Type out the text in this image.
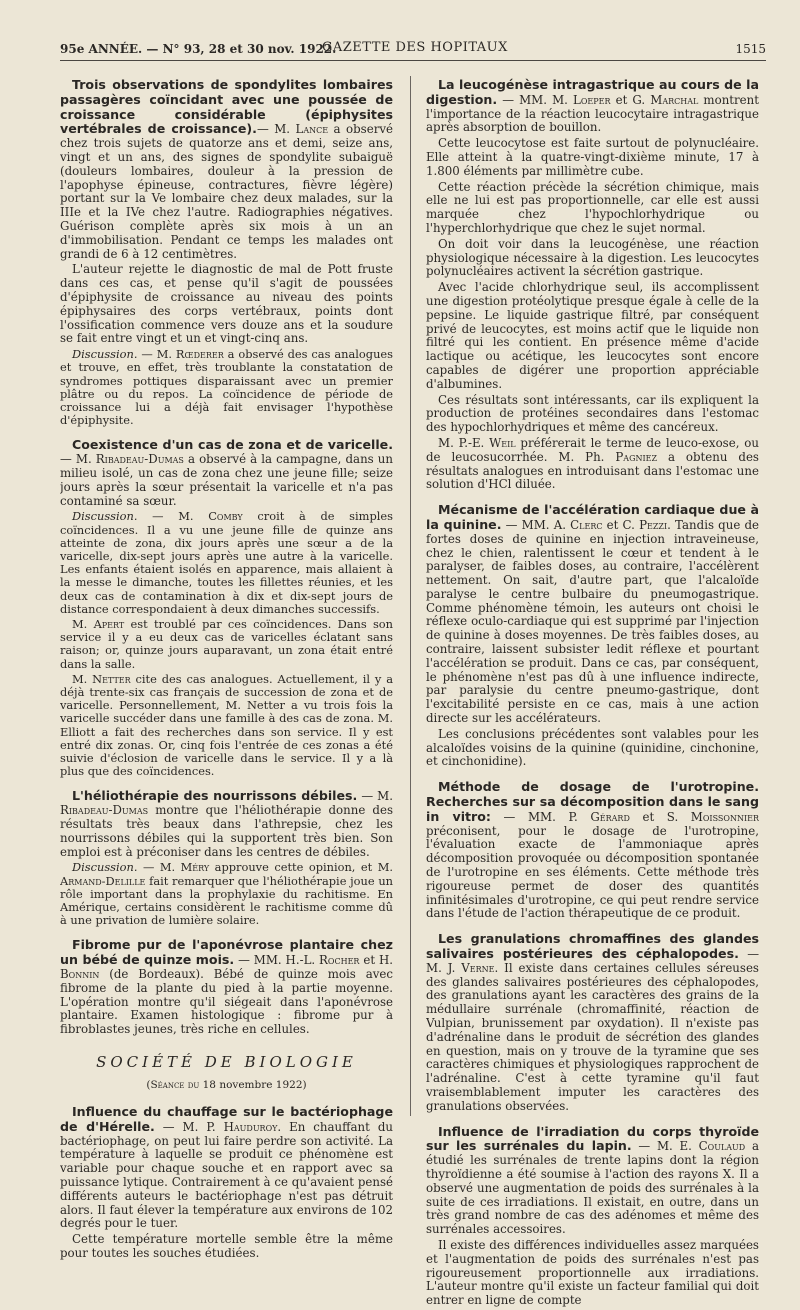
95e ANNÉE. — N° 93, 28 et 30 nov. 1922.
GAZETTE DES HOPITAUX	1515

Trois observations de spondylites lombaires passagères coïncidant avec une poussée de croissance considérable (épiphysites vertébrales de croissance).— M. Lance a observé chez trois sujets de quatorze ans et demi, seize ans, vingt et un ans, des signes de spondylite subaiguë (douleurs lombaires, douleur à la pression de l'apophyse épineuse, contractures, fièvre légère) portant sur la Ve lombaire chez deux malades, sur la IIIe et la IVe chez l'autre. Radiographies négatives. Guérison complète après six mois à un an d'immobilisation. Pendant ce temps les malades ont grandi de 6 à 12 centimètres.

L'auteur rejette le diagnostic de mal de Pott fruste dans ces cas, et pense qu'il s'agit de poussées d'épiphysite de croissance au niveau des points épiphysaires des corps vertébraux, points dont l'ossification commence vers douze ans et la soudure se fait entre vingt et un et vingt-cinq ans.

Discussion. — M. Rœderer a observé des cas analogues et trouve, en effet, très troublante la constatation de syndromes pottiques disparaissant avec un premier plâtre ou du repos. La coïncidence de période de croissance lui a déjà fait envisager l'hypothèse d'épiphysite.

Coexistence d'un cas de zona et de varicelle. — M. Ribadeau-Dumas a observé à la campagne, dans un milieu isolé, un cas de zona chez une jeune fille; seize jours après la sœur présentait la varicelle et n'a pas contaminé sa sœur.

Discussion. — M. Comby croit à de simples coïncidences. Il a vu une jeune fille de quinze ans atteinte de zona, dix jours après une sœur a de la varicelle, dix-sept jours après une autre à la varicelle. Les enfants étaient isolés en apparence, mais allaient à la messe le dimanche, toutes les fillettes réunies, et les deux cas de contamination à dix et dix-sept jours de distance correspondaient à deux dimanches successifs.

M. Apert est troublé par ces coïncidences. Dans son service il y a eu deux cas de varicelles éclatant sans raison; or, quinze jours auparavant, un zona était entré dans la salle.

M. Netter cite des cas analogues. Actuellement, il y a déjà trente-six cas français de succession de zona et de varicelle. Personnellement, M. Netter a vu trois fois la varicelle succéder dans une famille à des cas de zona. M. Elliott a fait des recherches dans son service. Il y est entré dix zonas. Or, cinq fois l'entrée de ces zonas a été suivie d'éclosion de varicelle dans le service. Il y a là plus que des coïncidences.

L'héliothérapie des nourrissons débiles. — M. Ribadeau-Dumas montre que l'héliothérapie donne des résultats très beaux dans l'athrepsie, chez les nourrissons débiles qui la supportent très bien. Son emploi est à préconiser dans les centres de débiles.

Discussion. — M. Méry approuve cette opinion, et M. Armand-Delille fait remarquer que l'héliothérapie joue un rôle important dans la prophylaxie du rachitisme. En Amérique, certains considèrent le rachitisme comme dû à une privation de lumière solaire.

Fibrome pur de l'aponévrose plantaire chez un bébé de quinze mois. — MM. H.-L. Rocher et H. Bonnin (de Bordeaux). Bébé de quinze mois avec fibrome de la plante du pied à la partie moyenne. L'opération montre qu'il siégeait dans l'aponévrose plantaire. Examen histologique : fibrome pur à fibroblastes jeunes, très riche en cellules.

SOCIÉTÉ DE BIOLOGIE
(Séance du 18 novembre 1922)

Influence du chauffage sur le bactériophage de d'Hérelle. — M. P. Hauduroy. En chauffant du bactériophage, on peut lui faire perdre son activité. La température à laquelle se produit ce phénomène est variable pour chaque souche et en rapport avec sa puissance lytique. Contrairement à ce qu'avaient pensé différents auteurs le bactériophage n'est pas détruit alors. Il faut élever la température aux environs de 102 degrés pour le tuer.

Cette température mortelle semble être la même pour toutes les souches étudiées.

La leucogénèse intragastrique au cours de la digestion. — MM. M. Loeper et G. Marchal montrent l'importance de la réaction leucocytaire intragastrique après absorption de bouillon.

Cette leucocytose est faite surtout de polynucléaire. Elle atteint à la quatre-vingt-dixième minute, 17 à 1.800 éléments par millimètre cube.

Cette réaction précède la sécrétion chimique, mais elle ne lui est pas proportionnelle, car elle est aussi marquée chez l'hypochlorhydrique ou l'hyperchlorhydrique que chez le sujet normal.

On doit voir dans la leucogénèse, une réaction physiologique nécessaire à la digestion. Les leucocytes polynucléaires activent la sécrétion gastrique.

Avec l'acide chlorhydrique seul, ils accomplissent une digestion protéolytique presque égale à celle de la pepsine. Le liquide gastrique filtré, par conséquent privé de leucocytes, est moins actif que le liquide non filtré qui les contient. En présence même d'acide lactique ou acétique, les leucocytes sont encore capables de digérer une proportion appréciable d'albumines.

Ces résultats sont intéressants, car ils expliquent la production de protéines secondaires dans l'estomac des hypochlorhydriques et même des cancéreux.

M. P.-E. Weil préférerait le terme de leuco-exose, ou de leucosucorrhée. M. Ph. Pagniez a obtenu des résultats analogues en introduisant dans l'estomac une solution d'HCl diluée.

Mécanisme de l'accélération cardiaque due à la quinine. — MM. A. Clerc et C. Pezzi. Tandis que de fortes doses de quinine en injection intraveineuse, chez le chien, ralentissent le cœur et tendent à le paralyser, de faibles doses, au contraire, l'accélèrent nettement. On sait, d'autre part, que l'alcaloïde paralyse le centre bulbaire du pneumogastrique. Comme phénomène témoin, les auteurs ont choisi le réflexe oculo-cardiaque qui est supprimé par l'injection de quinine à doses moyennes. De très faibles doses, au contraire, laissent subsister ledit réflexe et pourtant l'accélération se produit. Dans ce cas, par conséquent, le phénomène n'est pas dû à une influence indirecte, par paralysie du centre pneumo-gastrique, dont l'excitabilité persiste en ce cas, mais à une action directe sur les accélérateurs.

Les conclusions précédentes sont valables pour les alcaloïdes voisins de la quinine (quinidine, cinchonine, et cinchonidine).

Méthode de dosage de l'urotropine. Recherches sur sa décomposition dans le sang in vitro: — MM. P. Gérard et S. Moissonnier préconisent, pour le dosage de l'urotropine, l'évaluation exacte de l'ammoniaque après décomposition provoquée ou décomposition spontanée de l'urotropine en ses éléments. Cette méthode très rigoureuse permet de doser des quantités infinitésimales d'urotropine, ce qui peut rendre service dans l'étude de l'action thérapeutique de ce produit.

Les granulations chromaffines des glandes salivaires postérieures des céphalopodes. — M. J. Verne. Il existe dans certaines cellules séreuses des glandes salivaires postérieures des céphalopodes, des granulations ayant les caractères des grains de la médullaire surrénale (chromaffinité, réaction de Vulpian, brunissement par oxydation). Il n'existe pas d'adrénaline dans le produit de sécrétion des glandes en question, mais on y trouve de la tyramine que ses caractères chimiques et physiologiques rapprochent de l'adrénaline. C'est à cette tyramine qu'il faut vraisemblablement imputer les caractères des granulations observées.

Influence de l'irradiation du corps thyroïde sur les surrénales du lapin. — M. E. Coulaud a étudié les surrénales de trente lapins dont la région thyroïdienne a été soumise à l'action des rayons X. Il a observé une augmentation de poids des surrénales à la suite de ces irradiations. Il existait, en outre, dans un très grand nombre de cas des adénomes et même des surrénales accessoires.

Il existe des différences individuelles assez marquées et l'augmentation de poids des surrénales n'est pas rigoureusement proportionnelle aux irradiations. L'auteur montre qu'il existe un facteur familial qui doit entrer en ligne de compte
